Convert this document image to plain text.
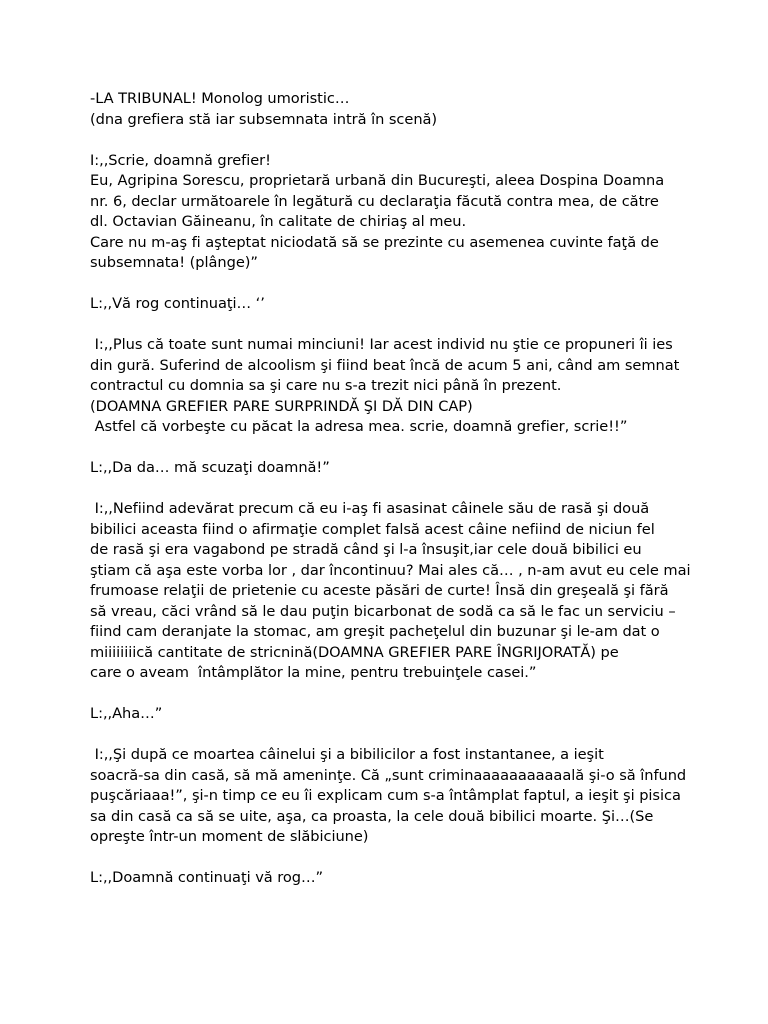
-LA TRIBUNAL! Monolog umoristic…
(dna grefiera stă iar subsemnata intră în scenă)
I:,,Scrie, doamnă grefier!
Eu, Agripina Sorescu, proprietară urbană din Bucureşti, aleea Dospina Doamna
nr. 6, declar următoarele în legătură cu declaraţia făcută contra mea, de către
dl. Octavian Găineanu, în calitate de chiriaş al meu.
Care nu m-aş fi aşteptat niciodată să se prezinte cu asemenea cuvinte faţă de
subsemnata! (plânge)”
L:,,Vă rog continuaţi… ‘’
I:,,Plus că toate sunt numai minciuni! Iar acest individ nu ştie ce propuneri îi ies
din gură. Suferind de alcoolism şi fiind beat încă de acum 5 ani, când am semnat
contractul cu domnia sa şi care nu s-a trezit nici până în prezent.
(DOAMNA GREFIER PARE SURPRINDĂ ŞI DĂ DIN CAP)
Astfel că vorbeşte cu păcat la adresa mea. scrie, doamnă grefier, scrie!!”
L:,,Da da… mă scuzaţi doamnă!”
I:,,Nefiind adevărat precum că eu i-aş fi asasinat câinele său de rasă şi două
bibilici aceasta fiind o afirmaţie complet falsă acest câine nefiind de niciun fel
de rasă şi era vagabond pe stradă când şi l-a însuşit,iar cele două bibilici eu
ştiam că aşa este vorba lor , dar încontinuu? Mai ales că… , n-am avut eu cele mai
frumoase relaţii de prietenie cu aceste păsări de curte! Însă din greşeală şi fără
să vreau, căci vrând să le dau puţin bicarbonat de sodă ca să le fac un serviciu –
fiind cam deranjate la stomac, am greşit pacheţelul din buzunar şi le-am dat o
miiiiiiiică cantitate de stricnină(DOAMNA GREFIER PARE ÎNGRIJORATĂ) pe
care o aveam  întâmplător la mine, pentru trebuinţele casei.”
L:,,Aha…”
I:,,Şi după ce moartea câinelui şi a bibilicilor a fost instantanee, a ieşit
soacră-sa din casă, să mă ameninţe. Că „sunt criminaaaaaaaaaaală şi-o să înfund
puşcăriaaa!”, şi-n timp ce eu îi explicam cum s-a întâmplat faptul, a ieşit şi pisica
sa din casă ca să se uite, aşa, ca proasta, la cele două bibilici moarte. Şi…(Se
opreşte într-un moment de slăbiciune)
L:,,Doamnă continuaţi vă rog…”
